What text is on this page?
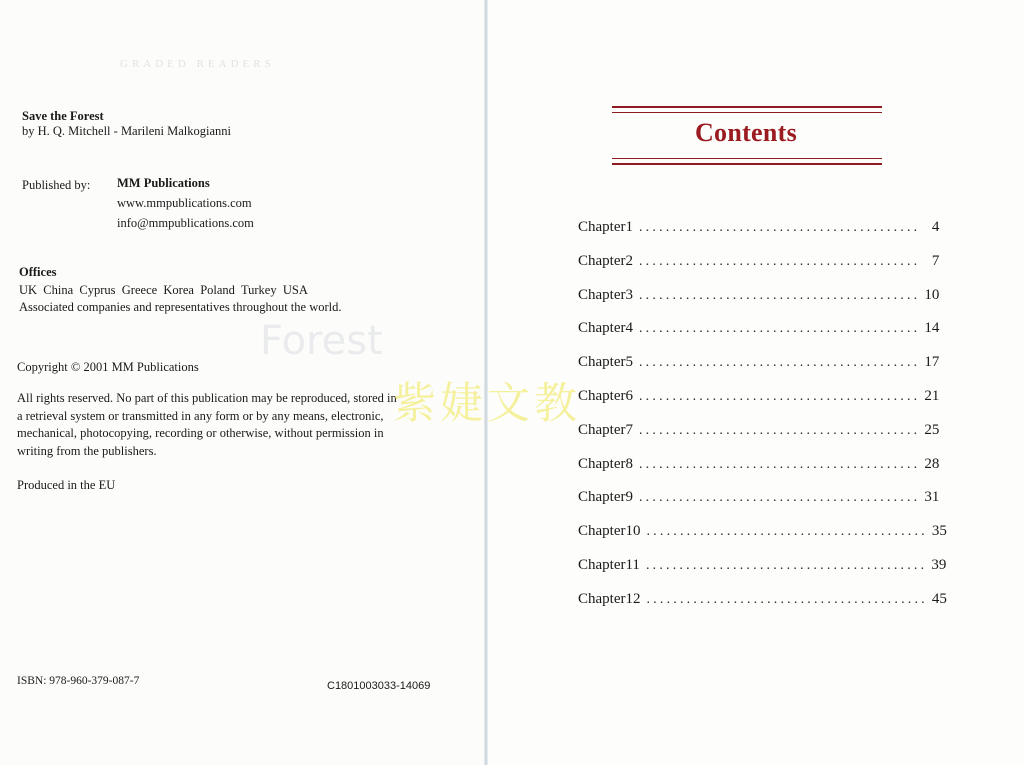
GRADED READERS
Forest
Save the Forest
by H. Q. Mitchell - Marileni Malkogianni
Published by: MM Publications
www.mmpublications.com
info@mmpublications.com
Offices
UK  China  Cyprus  Greece  Korea  Poland  Turkey  USA
Associated companies and representatives throughout the world.
Copyright © 2001 MM Publications
All rights reserved. No part of this publication may be reproduced, stored in
a retrieval system or transmitted in any form or by any means, electronic,
mechanical, photocopying, recording or otherwise, without permission in
writing from the publishers.
Produced in the EU
ISBN: 978-960-379-087-7	C1801003033-14069
Contents
Chapter 1 .......................................... 4
Chapter 2 .......................................... 7
Chapter 3 .......................................... 10
Chapter 4 .......................................... 14
Chapter 5 .......................................... 17
Chapter 6 .......................................... 21
Chapter 7 .......................................... 25
Chapter 8 .......................................... 28
Chapter 9 .......................................... 31
Chapter 10 .......................................... 35
Chapter 11 .......................................... 39
Chapter 12 .......................................... 45
紫婕文教
